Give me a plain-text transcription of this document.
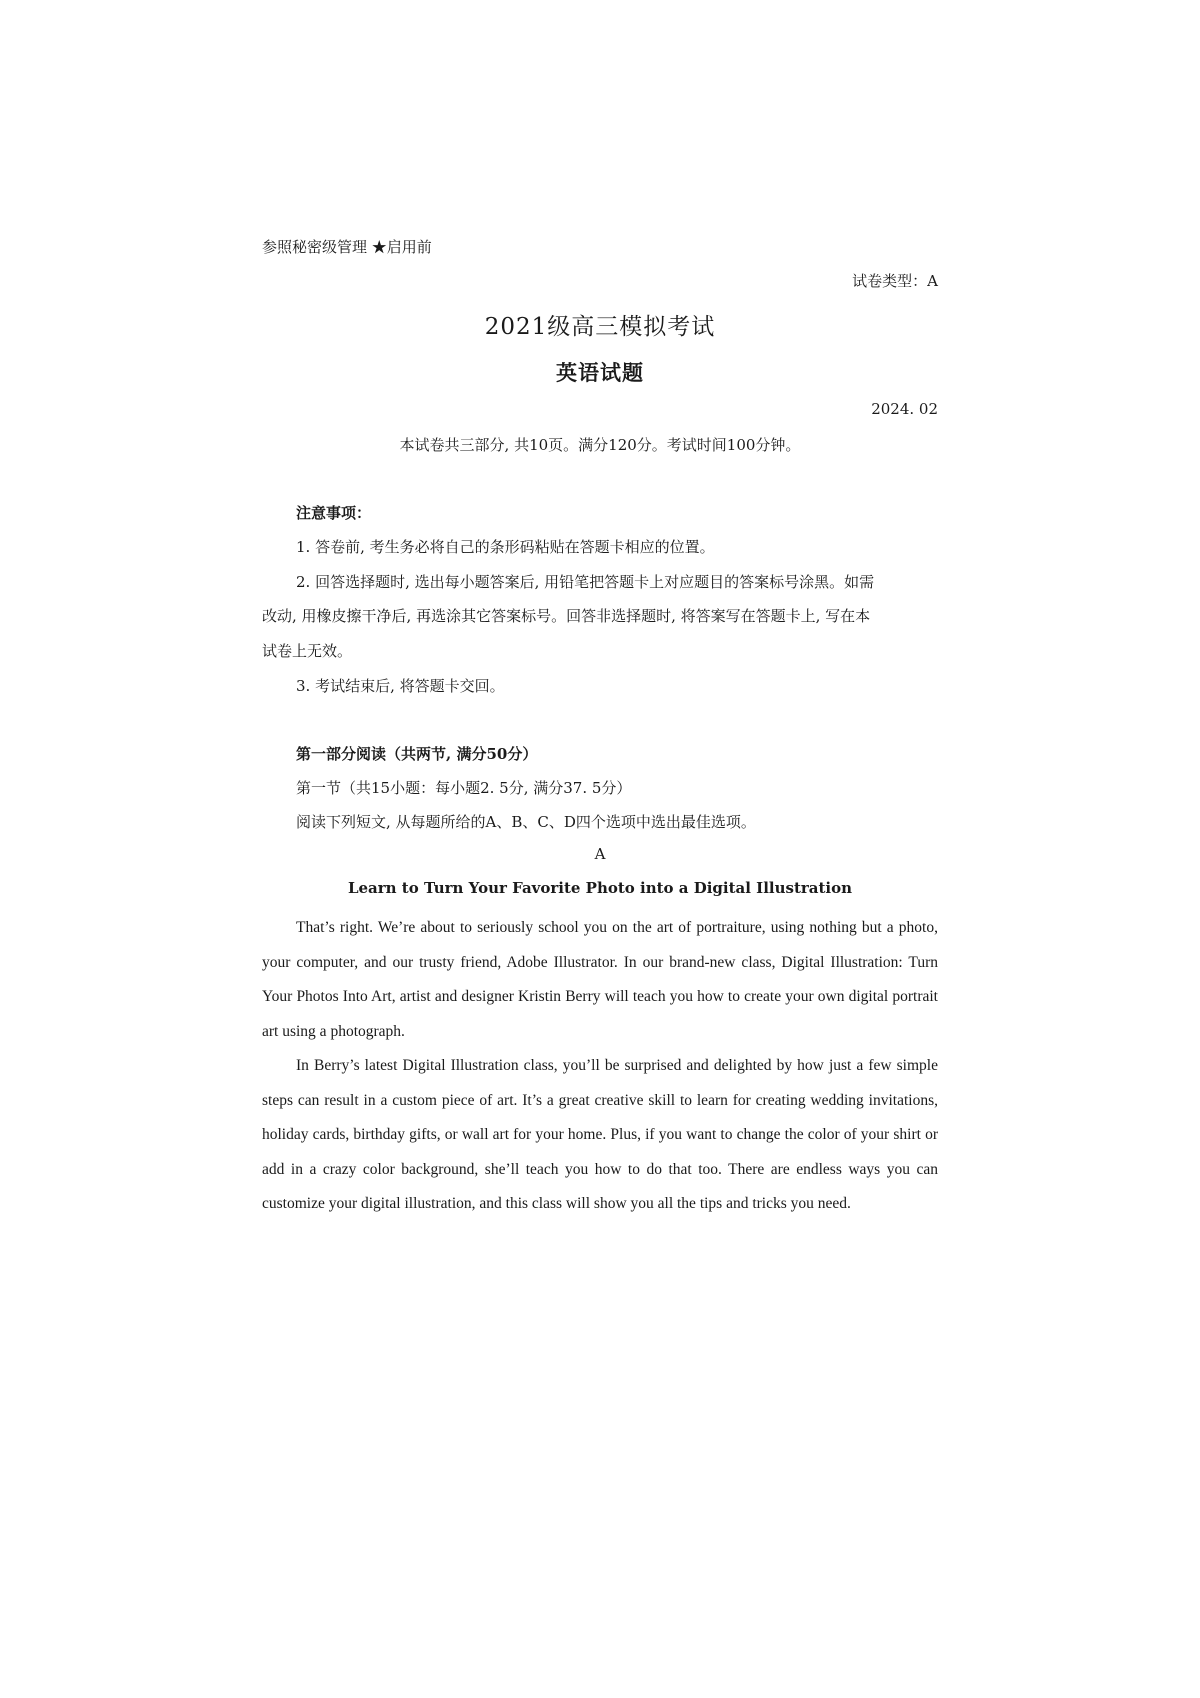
参照秘密级管理 ★启用前

试卷类型：A

2021级高三模拟考试
英语试题

2024. 02

本试卷共三部分, 共10页。满分120分。考试时间100分钟。

注意事项：

1. 答卷前, 考生务必将自己的条形码粘贴在答题卡相应的位置。

2. 回答选择题时, 选出每小题答案后, 用铅笔把答题卡上对应题目的答案标号涂黑。如需

改动, 用橡皮擦干净后, 再选涂其它答案标号。回答非选择题时, 将答案写在答题卡上, 写在本

试卷上无效。

3. 考试结束后, 将答题卡交回。

第一部分阅读（共两节, 满分50分）

第一节（共15小题：每小题2. 5分, 满分37. 5分）

阅读下列短文, 从每题所给的A、B、C、D四个选项中选出最佳选项。

A

Learn to Turn Your Favorite Photo into a Digital Illustration

That’s right. We’re about to seriously school you on the art of portraiture, using nothing but a photo, your computer, and our trusty friend, Adobe Illustrator. In our brand-new class, Digital Illustration: Turn Your Photos Into Art, artist and designer Kristin Berry will teach you how to create your own digital portrait art using a photograph.

In Berry’s latest Digital Illustration class, you’ll be surprised and delighted by how just a few simple steps can result in a custom piece of art. It’s a great creative skill to learn for creating wedding invitations, holiday cards, birthday gifts, or wall art for your home. Plus, if you want to change the color of your shirt or add in a crazy color background, she’ll teach you how to do that too. There are endless ways you can customize your digital illustration, and this class will show you all the tips and tricks you need.
